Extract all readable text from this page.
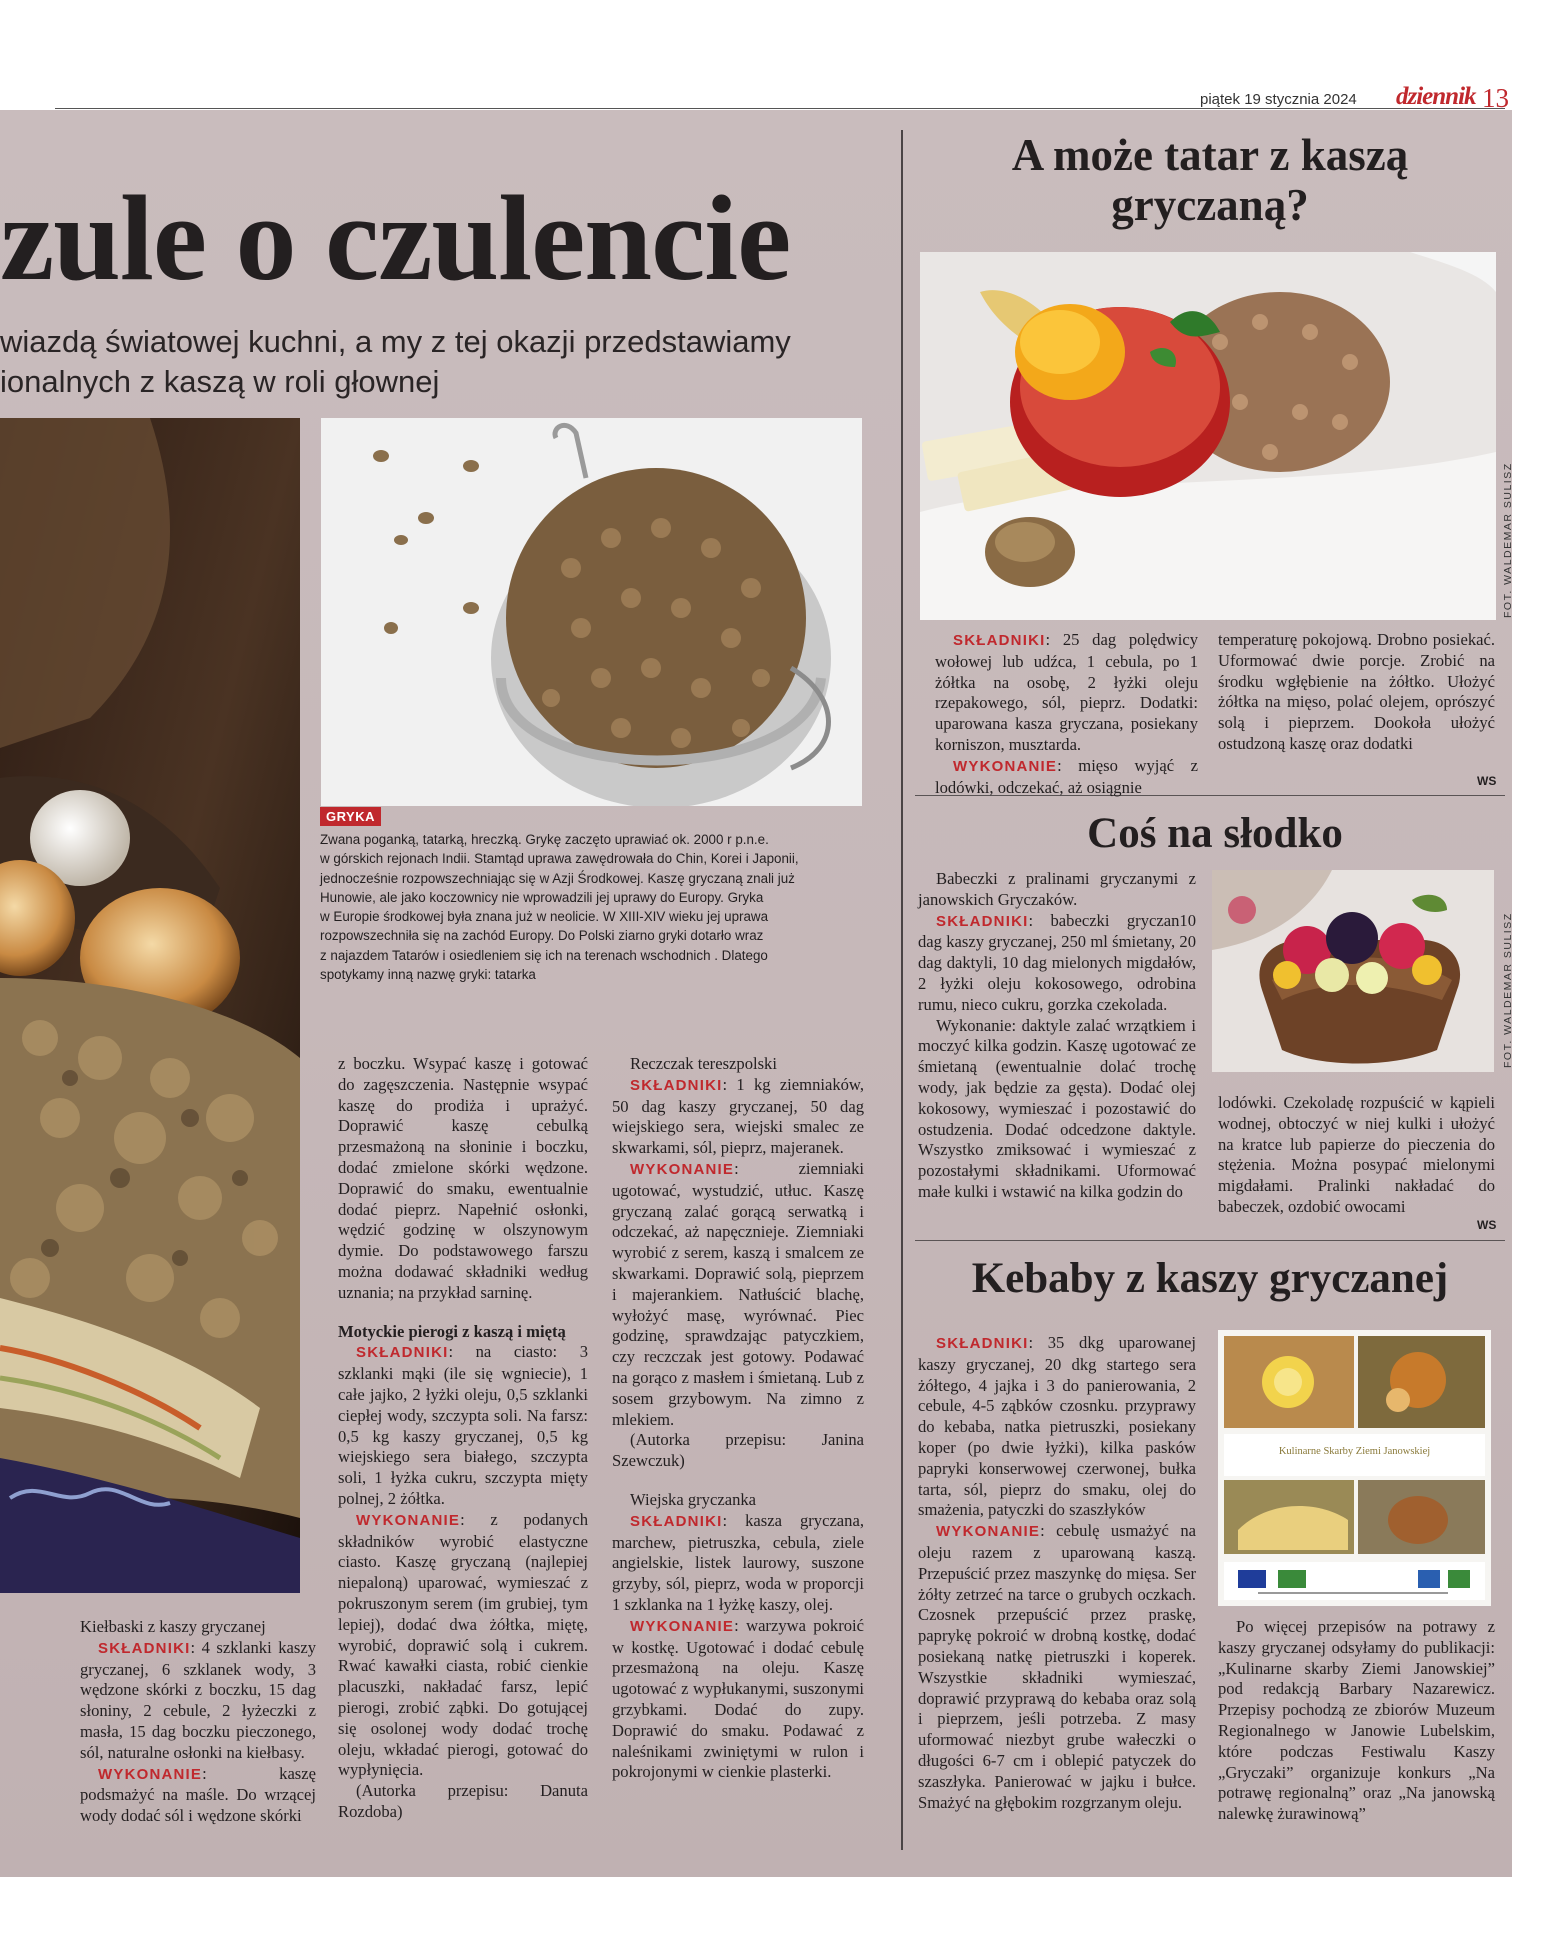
piątek 19 stycznia 2024 dziennik 13
zule o czulencie
wiazdą światowej kuchni, a my z tej okazji przedstawiamy
ionalnych z kaszą w roli głownej
GRYKA
Zwana poganką, tatarką, hreczką. Grykę zaczęto uprawiać ok. 2000 r p.n.e.
w górskich rejonach Indii. Stamtąd uprawa zawędrowała do Chin, Korei i Japonii,
jednocześnie rozpowszechniając się w Azji Środkowej. Kaszę gryczaną znali już
Hunowie, ale jako koczownicy nie wprowadzili jej uprawy do Europy. Gryka
w Europie środkowej była znana już w neolicie. W XIII-XIV wieku jej uprawa
rozpowszechniła się na zachód Europy. Do Polski ziarno gryki dotarło wraz
z najazdem Tatarów i osiedleniem się ich na terenach wschodnich . Dlatego
spotykamy inną nazwę gryki: tatarka

Kiełbaski z kaszy gryczanej

SKŁADNIKI: 4 szklanki kaszy gryczanej, 6 szklanek wody, 3 wędzone skórki z boczku, 15 dag słoniny, 2 cebule, 2 łyżeczki z masła, 15 dag boczku pieczonego, sól, naturalne osłonki na kiełbasy.

WYKONANIE: kaszę podsmażyć na maśle. Do wrzącej wody dodać sól i wędzone skórki

z boczku. Wsypać kaszę i gotować do zagęszczenia. Następnie wsypać kaszę do prodiża i uprażyć. Doprawić kaszę cebulką przesmażoną na słoninie i boczku, dodać zmielone skórki wędzone. Doprawić do smaku, ewentualnie dodać pieprz. Napełnić osłonki, wędzić godzinę w olszynowym dymie. Do podstawowego farszu można dodawać składniki według uznania; na przykład sarninę.

Motyckie pierogi z kaszą i miętą

SKŁADNIKI: na ciasto: 3 szklanki mąki (ile się wgniecie), 1 całe jajko, 2 łyżki oleju, 0,5 szklanki ciepłej wody, szczypta soli. Na farsz: 0,5 kg kaszy gryczanej, 0,5 kg wiejskiego sera białego, szczypta soli, 1 łyżka cukru, szczypta mięty polnej, 2 żółtka.

WYKONANIE: z podanych składników wyrobić elastyczne ciasto. Kaszę gryczaną (najlepiej niepaloną) uparować, wymieszać z pokruszonym serem (im grubiej, tym lepiej), dodać dwa żółtka, miętę, wyrobić, doprawić solą i cukrem. Rwać kawałki ciasta, robić cienkie placuszki, nakładać farsz, lepić pierogi, zrobić ząbki. Do gotującej się osolonej wody dodać trochę oleju, wkładać pierogi, gotować do wypłynięcia.

(Autorka przepisu: Danuta Rozdoba)

Reczczak tereszpolski

SKŁADNIKI: 1 kg ziemniaków, 50 dag kaszy gryczanej, 50 dag wiejskiego sera, wiejski smalec ze skwarkami, sól, pieprz, majeranek.

WYKONANIE: ziemniaki ugotować, wystudzić, utłuc. Kaszę gryczaną zalać gorącą serwatką i odczekać, aż napęcznieje. Ziemniaki wyrobić z serem, kaszą i smalcem ze skwarkami. Doprawić solą, pieprzem i majerankiem. Natłuścić blachę, wyłożyć masę, wyrównać. Piec godzinę, sprawdzając patyczkiem, czy reczczak jest gotowy. Podawać na gorąco z masłem i śmietaną. Lub z sosem grzybowym. Na zimno z mlekiem.

(Autorka przepisu: Janina Szewczuk)

Wiejska gryczanka

SKŁADNIKI: kasza gryczana, marchew, pietruszka, cebula, ziele angielskie, listek laurowy, suszone grzyby, sól, pieprz, woda w proporcji 1 szklanka na 1 łyżkę kaszy, olej.

WYKONANIE: warzywa pokroić w kostkę. Ugotować i dodać cebulę przesmażoną na oleju. Kaszę ugotować z wypłukanymi, suszonymi grzybkami. Dodać do zupy. Doprawić do smaku. Podawać z naleśnikami zwiniętymi w rulon i pokrojonymi w cienkie plasterki.

A może tatar z kaszą
gryczaną?
FOT. WALDEMAR SULISZ

SKŁADNIKI: 25 dag polędwicy wołowej lub udźca, 1 cebula, po 1 żółtka na osobę, 2 łyżki oleju rzepakowego, sól, pieprz. Dodatki: uparowana kasza gryczana, posiekany korniszon, musztarda.

WYKONANIE: mięso wyjąć z lodówki, odczekać, aż osiągnie

temperaturę pokojową. Drobno posiekać. Uformować dwie porcje. Zrobić na środku wgłębienie na żółtko. Ułożyć żółtka na mięso, polać olejem, oprószyć solą i pieprzem. Dookoła ułożyć ostudzoną kaszę oraz dodatki

WS
Coś na słodko
FOT. WALDEMAR SULISZ

Babeczki z pralinami gryczanymi z janowskich Gryczaków.

SKŁADNIKI: babeczki gryczan10 dag kaszy gryczanej, 250 ml śmietany, 20 dag daktyli, 10 dag mielonych migdałów, 2 łyżki oleju kokosowego, odrobina rumu, nieco cukru, gorzka czekolada.

Wykonanie: daktyle zalać wrzątkiem i moczyć kilka godzin. Kaszę ugotować ze śmietaną (ewentualnie dolać trochę wody, jak będzie za gęsta). Dodać olej kokosowy, wymieszać i pozostawić do ostudzenia. Dodać odcedzone daktyle. Wszystko zmiksować i wymieszać z pozostałymi składnikami. Uformować małe kulki i wstawić na kilka godzin do

lodówki. Czekoladę rozpuścić w kąpieli wodnej, obtoczyć w niej kulki i ułożyć na kratce lub papierze do pieczenia do stężenia. Można posypać mielonymi migdałami. Pralinki nakładać do babeczek, ozdobić owocami

WS
Kebaby z kaszy gryczanej

SKŁADNIKI: 35 dkg uparowanej kaszy gryczanej, 20 dkg startego sera żółtego, 4 jajka i 3 do panierowania, 2 cebule, 4-5 ząbków czosnku. przyprawy do kebaba, natka pietruszki, posiekany koper (po dwie łyżki), kilka pasków papryki konserwowej czerwonej, bułka tarta, sól, pieprz do smaku, olej do smażenia, patyczki do szaszłyków

WYKONANIE: cebulę usmażyć na oleju razem z uparowaną kaszą. Przepuścić przez maszynkę do mięsa. Ser żółty zetrzeć na tarce o grubych oczkach. Czosnek przepuścić przez praskę, paprykę pokroić w drobną kostkę, dodać posiekaną natkę pietruszki i koperek. Wszystkie składniki wymieszać, doprawić przyprawą do kebaba oraz solą i pieprzem, jeśli potrzeba. Z masy uformować niezbyt grube wałeczki o długości 6-7 cm i oblepić patyczek do szaszłyka. Panierować w jajku i bułce. Smażyć na głębokim rozgrzanym oleju.

Kulinarne Skarby Ziemi Janowskiej

Po więcej przepisów na potrawy z kaszy gryczanej odsyłamy do publikacji: „Kulinarne skarby Ziemi Janowskiej” pod redakcją Barbary Nazarewicz. Przepisy pochodzą ze zbiorów Muzeum Regionalnego w Janowie Lubelskim, które podczas Festiwalu Kaszy „Gryczaki” organizuje konkurs „Na potrawę regionalną” oraz „Na janowską nalewkę żurawinową”
